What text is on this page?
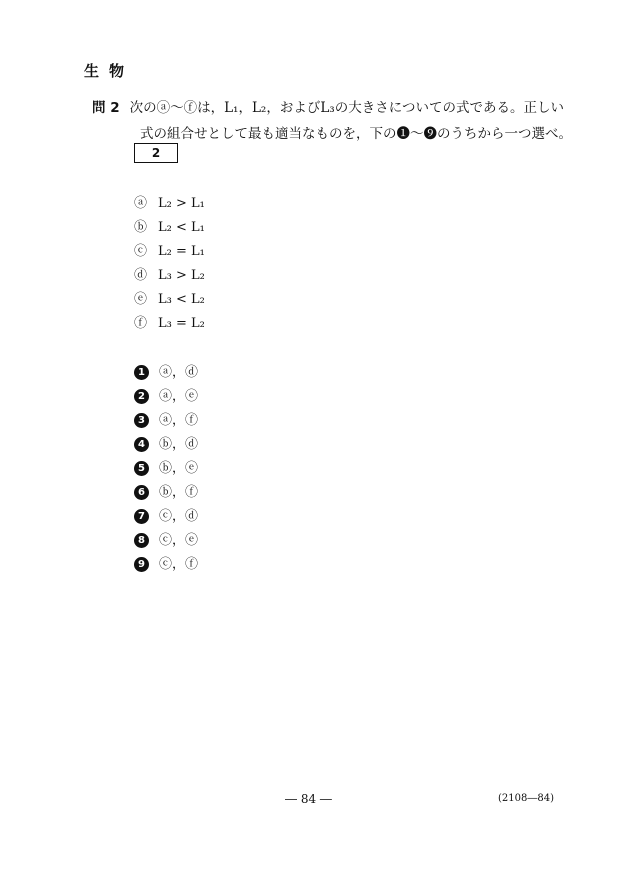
生物
問 2 次のⓐ～ⓕは，L₁，L₂，およびL₃の大きさについての式である。正しい
式の組合せとして最も適当なものを，下の❶～❾のうちから一つ選べ。
2
ⓐ L₂ > L₁
ⓑ L₂ < L₁
ⓒ L₂ = L₁
ⓓ L₃ > L₂
ⓔ L₃ < L₂
ⓕ L₃ = L₂
1 ⓐ，ⓓ
2 ⓐ，ⓔ
3 ⓐ，ⓕ
4 ⓑ，ⓓ
5 ⓑ，ⓔ
6 ⓑ，ⓕ
7 ⓒ，ⓓ
8 ⓒ，ⓔ
9 ⓒ，ⓕ
― 84 ―	(2108―84)
